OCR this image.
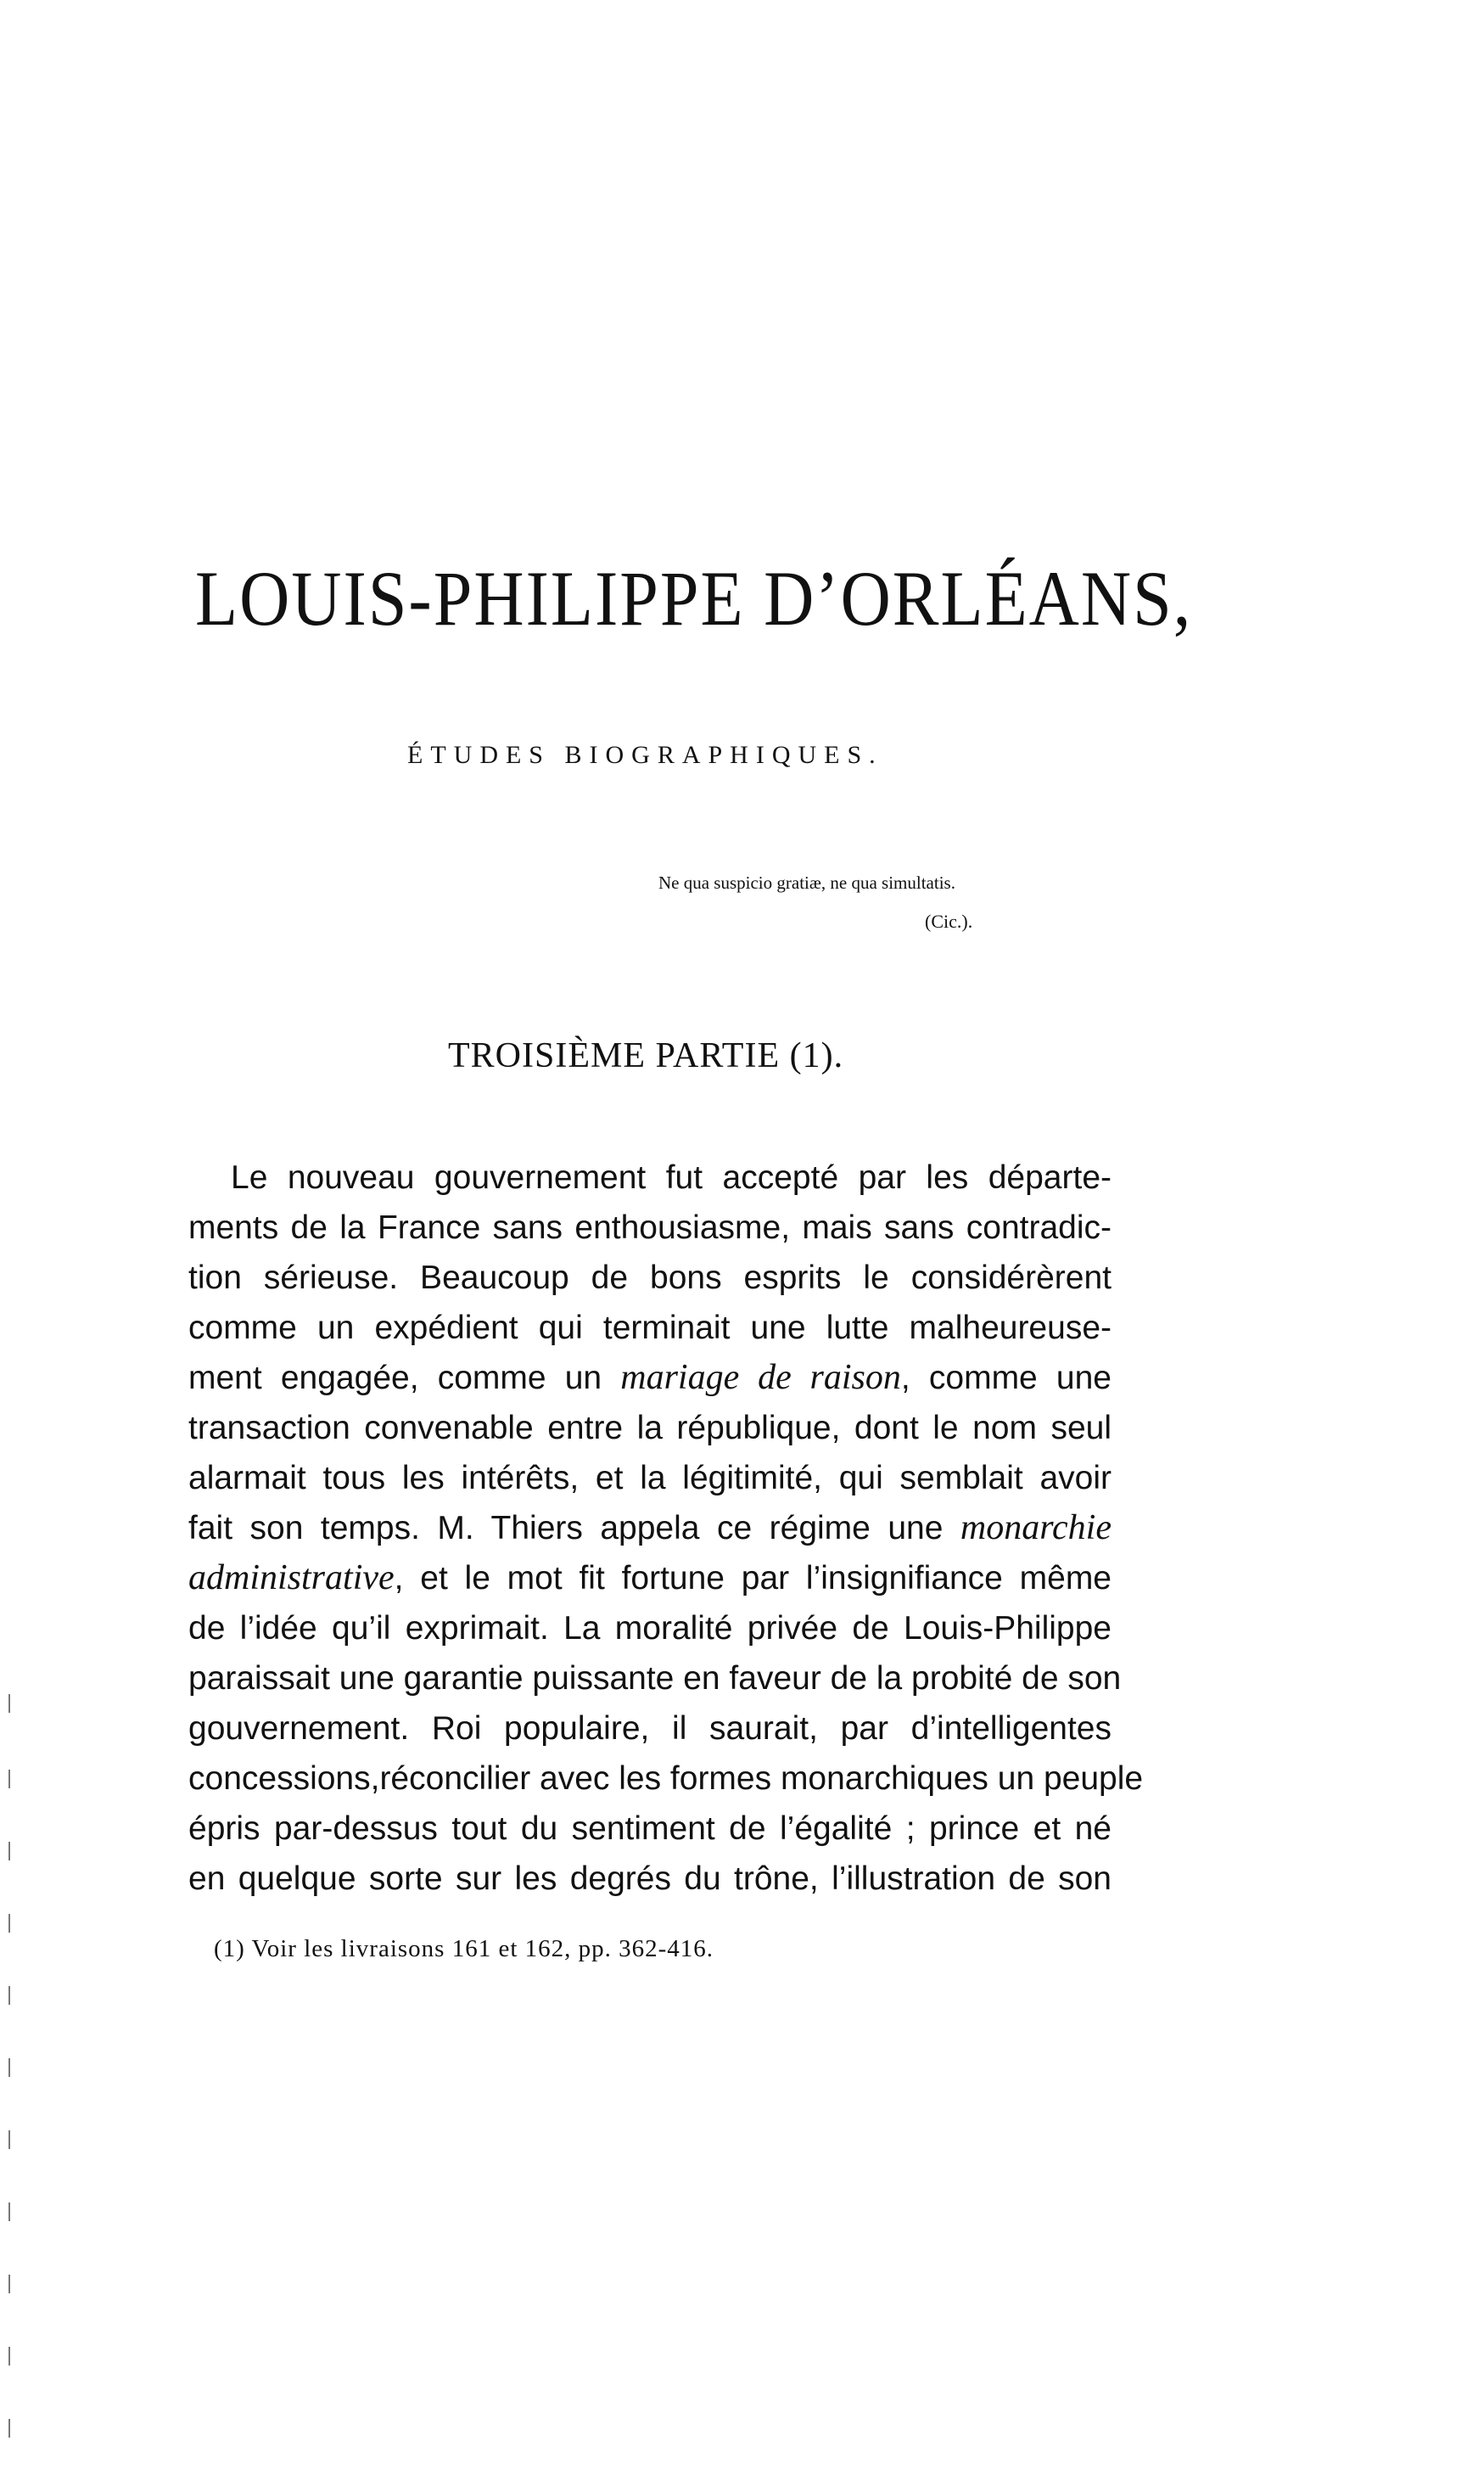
LOUIS-PHILIPPE D’ORLÉANS,
ÉTUDES BIOGRAPHIQUES.
Ne qua suspicio gratiæ, ne qua simultatis.
(Cic.).
TROISIÈME PARTIE (1).
Le nouveau gouvernement fut accepté par les départe-
ments de la France sans enthousiasme, mais sans contradic-
tion sérieuse. Beaucoup de bons esprits le considérèrent
comme un expédient qui terminait une lutte malheureuse-
ment engagée, comme un mariage de raison, comme une
transaction convenable entre la république, dont le nom seul
alarmait tous les intérêts, et la légitimité, qui semblait avoir
fait son temps. M. Thiers appela ce régime une monarchie
administrative, et le mot fit fortune par l’insignifiance même
de l’idée qu’il exprimait. La moralité privée de Louis-Philippe
paraissait une garantie puissante en faveur de la probité de son
gouvernement. Roi populaire, il saurait, par d’intelligentes
concessions,réconcilier avec les formes monarchiques un peuple
épris par-dessus tout du sentiment de l’égalité ; prince et né
en quelque sorte sur les degrés du trône, l’illustration de son
(1) Voir les livraisons 161 et 162, pp. 362-416.
